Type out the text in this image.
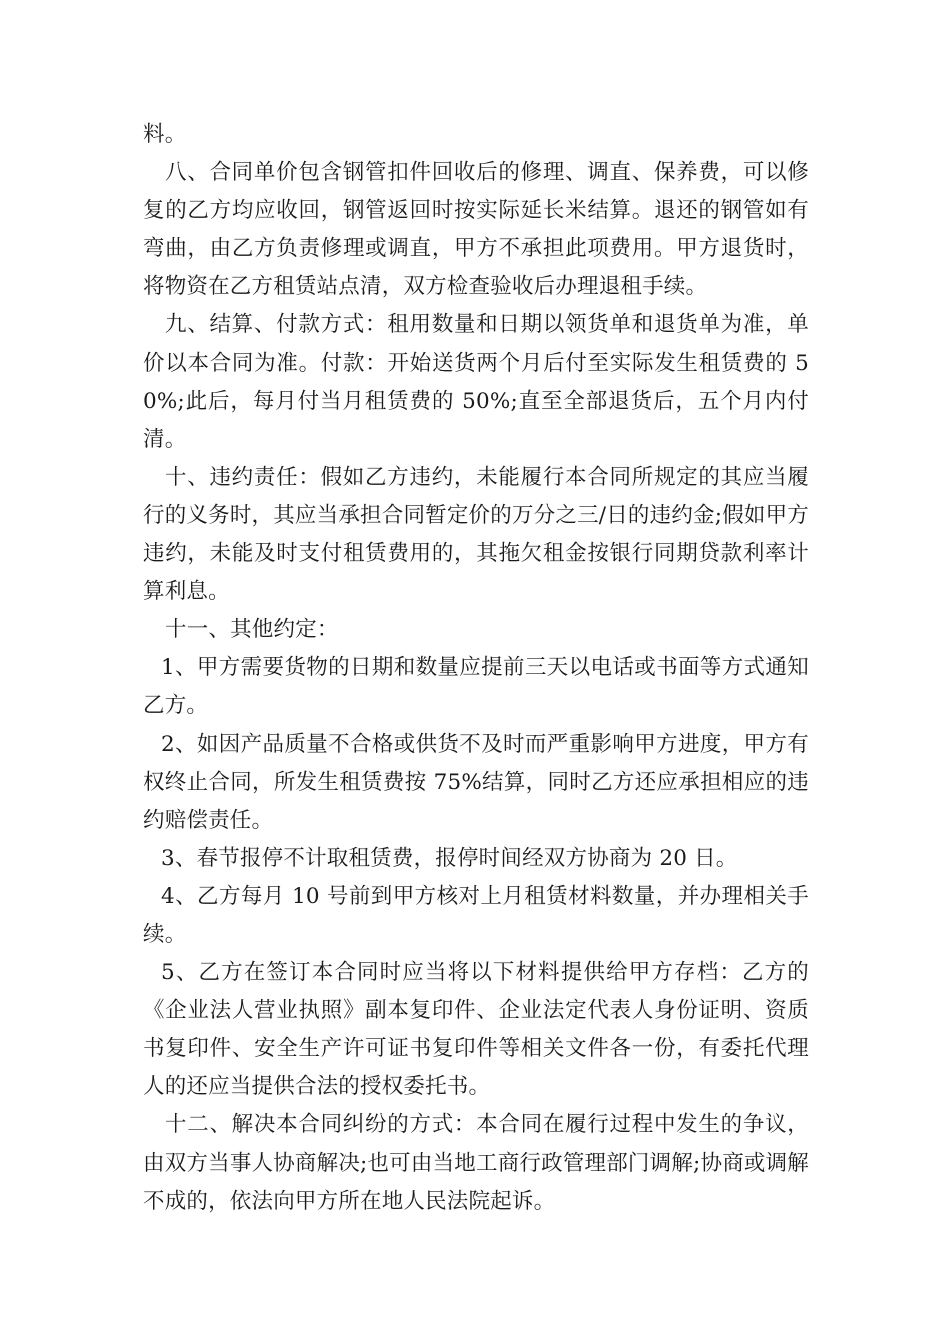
料。

八、合同单价包含钢管扣件回收后的修理、调直、保养费，可以修复的乙方均应收回，钢管返回时按实际延长米结算。退还的钢管如有弯曲，由乙方负责修理或调直，甲方不承担此项费用。甲方退货时，将物资在乙方租赁站点清，双方检查验收后办理退租手续。

九、结算、付款方式：租用数量和日期以领货单和退货单为准，单价以本合同为准。付款：开始送货两个月后付至实际发生租赁费的 50%;此后，每月付当月租赁费的 50%;直至全部退货后，五个月内付清。

十、违约责任：假如乙方违约，未能履行本合同所规定的其应当履行的义务时，其应当承担合同暂定价的万分之三/日的违约金;假如甲方违约，未能及时支付租赁费用的，其拖欠租金按银行同期贷款利率计算利息。

十一、其他约定：

1、甲方需要货物的日期和数量应提前三天以电话或书面等方式通知乙方。

2、如因产品质量不合格或供货不及时而严重影响甲方进度，甲方有权终止合同，所发生租赁费按 75%结算，同时乙方还应承担相应的违约赔偿责任。

3、春节报停不计取租赁费，报停时间经双方协商为 20 日。

4、乙方每月 10 号前到甲方核对上月租赁材料数量，并办理相关手续。

5、乙方在签订本合同时应当将以下材料提供给甲方存档：乙方的《企业法人营业执照》副本复印件、企业法定代表人身份证明、资质书复印件、安全生产许可证书复印件等相关文件各一份，有委托代理人的还应当提供合法的授权委托书。

十二、解决本合同纠纷的方式：本合同在履行过程中发生的争议，由双方当事人协商解决;也可由当地工商行政管理部门调解;协商或调解不成的，依法向甲方所在地人民法院起诉。
